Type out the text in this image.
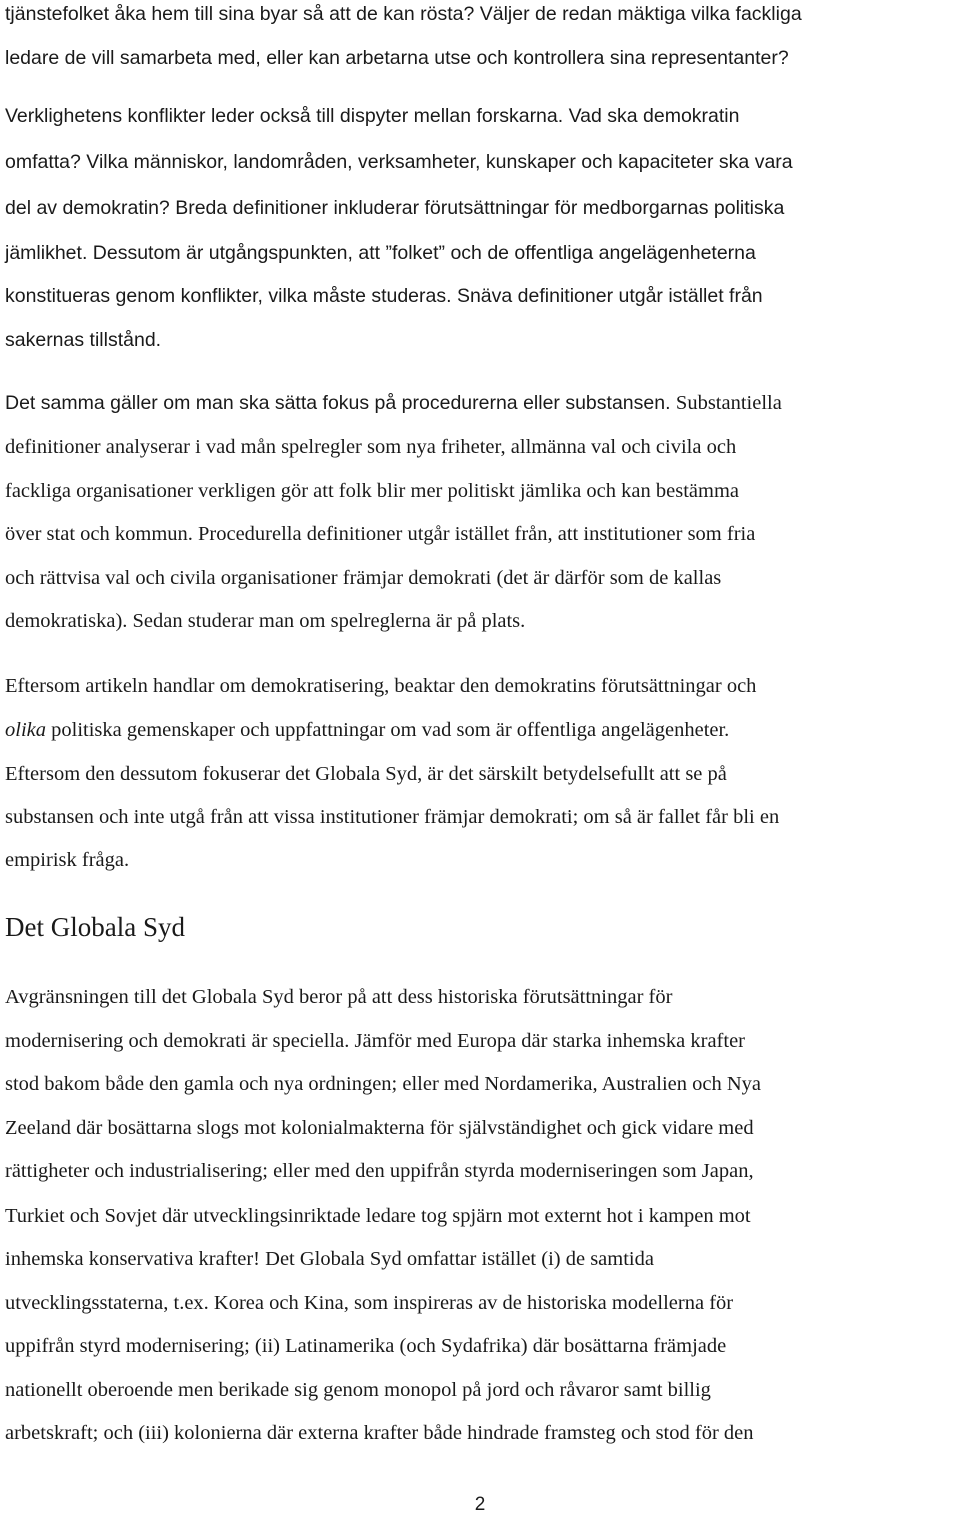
tjänstefolket åka hem till sina byar så att de kan rösta? Väljer de redan mäktiga vilka fackliga
ledare de vill samarbeta med, eller kan arbetarna utse och kontrollera sina representanter?
Verklighetens konflikter leder också till dispyter mellan forskarna. Vad ska demokratin
omfatta? Vilka människor, landområden, verksamheter, kunskaper och kapaciteter ska vara
del av demokratin? Breda definitioner inkluderar förutsättningar för medborgarnas politiska
jämlikhet. Dessutom är utgångspunkten, att ”folket” och de offentliga angelägenheterna
konstitueras genom konflikter, vilka måste studeras. Snäva definitioner utgår istället från
sakernas tillstånd.
Det samma gäller om man ska sätta fokus på procedurerna eller substansen. Substantiella
definitioner analyserar i vad mån spelregler som nya friheter, allmänna val och civila och
fackliga organisationer verkligen gör att folk blir mer politiskt jämlika och kan bestämma
över stat och kommun. Procedurella definitioner utgår istället från, att institutioner som fria
och rättvisa val och civila organisationer främjar demokrati (det är därför som de kallas
demokratiska). Sedan studerar man om spelreglerna är på plats.
Eftersom artikeln handlar om demokratisering, beaktar den demokratins förutsättningar och
olika politiska gemenskaper och uppfattningar om vad som är offentliga angelägenheter.
Eftersom den dessutom fokuserar det Globala Syd, är det särskilt betydelsefullt att se på
substansen och inte utgå från att vissa institutioner främjar demokrati; om så är fallet får bli en
empirisk fråga.
Avgränsningen till det Globala Syd beror på att dess historiska förutsättningar för
modernisering och demokrati är speciella. Jämför med Europa där starka inhemska krafter
stod bakom både den gamla och nya ordningen; eller med Nordamerika, Australien och Nya
Zeeland där bosättarna slogs mot kolonialmakterna för självständighet och gick vidare med
rättigheter och industrialisering; eller med den uppifrån styrda moderniseringen som Japan,
Turkiet och Sovjet där utvecklingsinriktade ledare tog spjärn mot externt hot i kampen mot
inhemska konservativa krafter! Det Globala Syd omfattar istället (i) de samtida
utvecklingsstaterna, t.ex. Korea och Kina, som inspireras av de historiska modellerna för
uppifrån styrd modernisering; (ii) Latinamerika (och Sydafrika) där bosättarna främjade
nationellt oberoende men berikade sig genom monopol på jord och råvaror samt billig
arbetskraft; och (iii) kolonierna där externa krafter både hindrade framsteg och stod för den
Det Globala Syd
2
